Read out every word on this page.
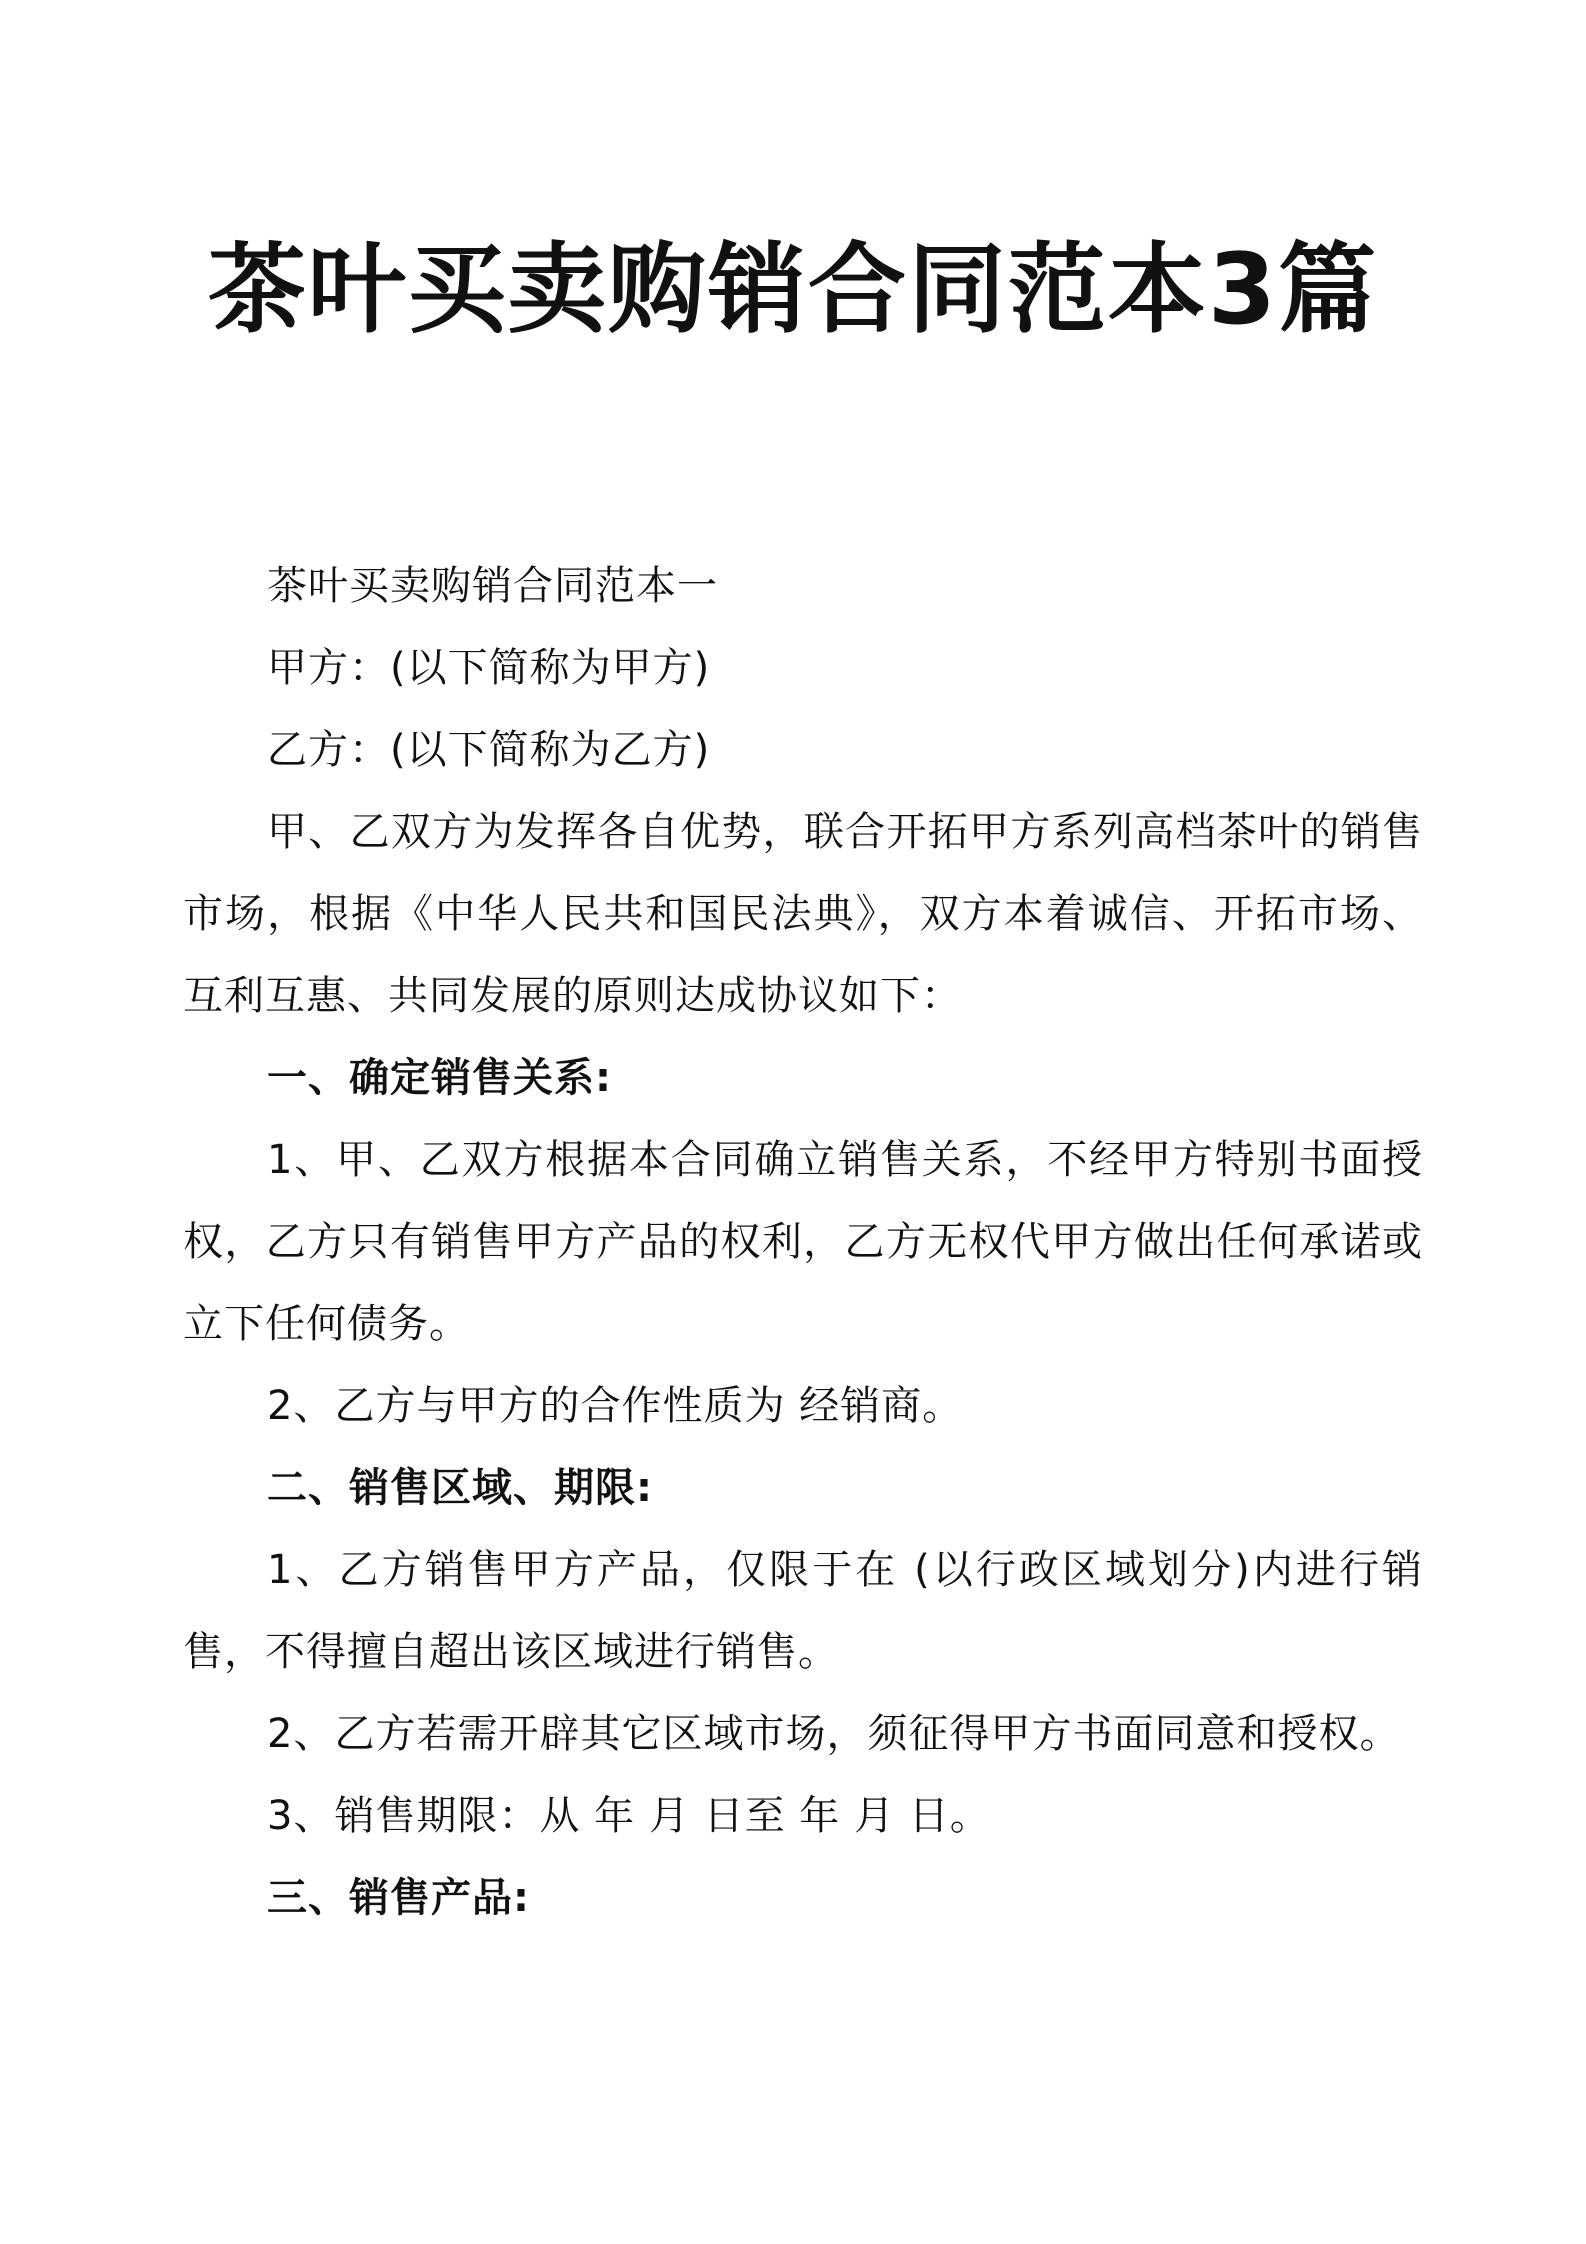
茶叶买卖购销合同范本3篇

茶叶买卖购销合同范本一

甲方：(以下简称为甲方)

乙方：(以下简称为乙方)

甲、乙双方为发挥各自优势，联合开拓甲方系列高档茶叶的销售市场，根据《中华人民共和国民法典》，双方本着诚信、开拓市场、互利互惠、共同发展的原则达成协议如下：

一、确定销售关系:

1、甲、乙双方根据本合同确立销售关系，不经甲方特别书面授权，乙方只有销售甲方产品的权利，乙方无权代甲方做出任何承诺或立下任何债务。

2、乙方与甲方的合作性质为 经销商。

二、销售区域、期限:

1、乙方销售甲方产品，仅限于在 (以行政区域划分)内进行销售，不得擅自超出该区域进行销售。

2、乙方若需开辟其它区域市场，须征得甲方书面同意和授权。

3、销售期限：从 年 月 日至 年 月 日。

三、销售产品:
